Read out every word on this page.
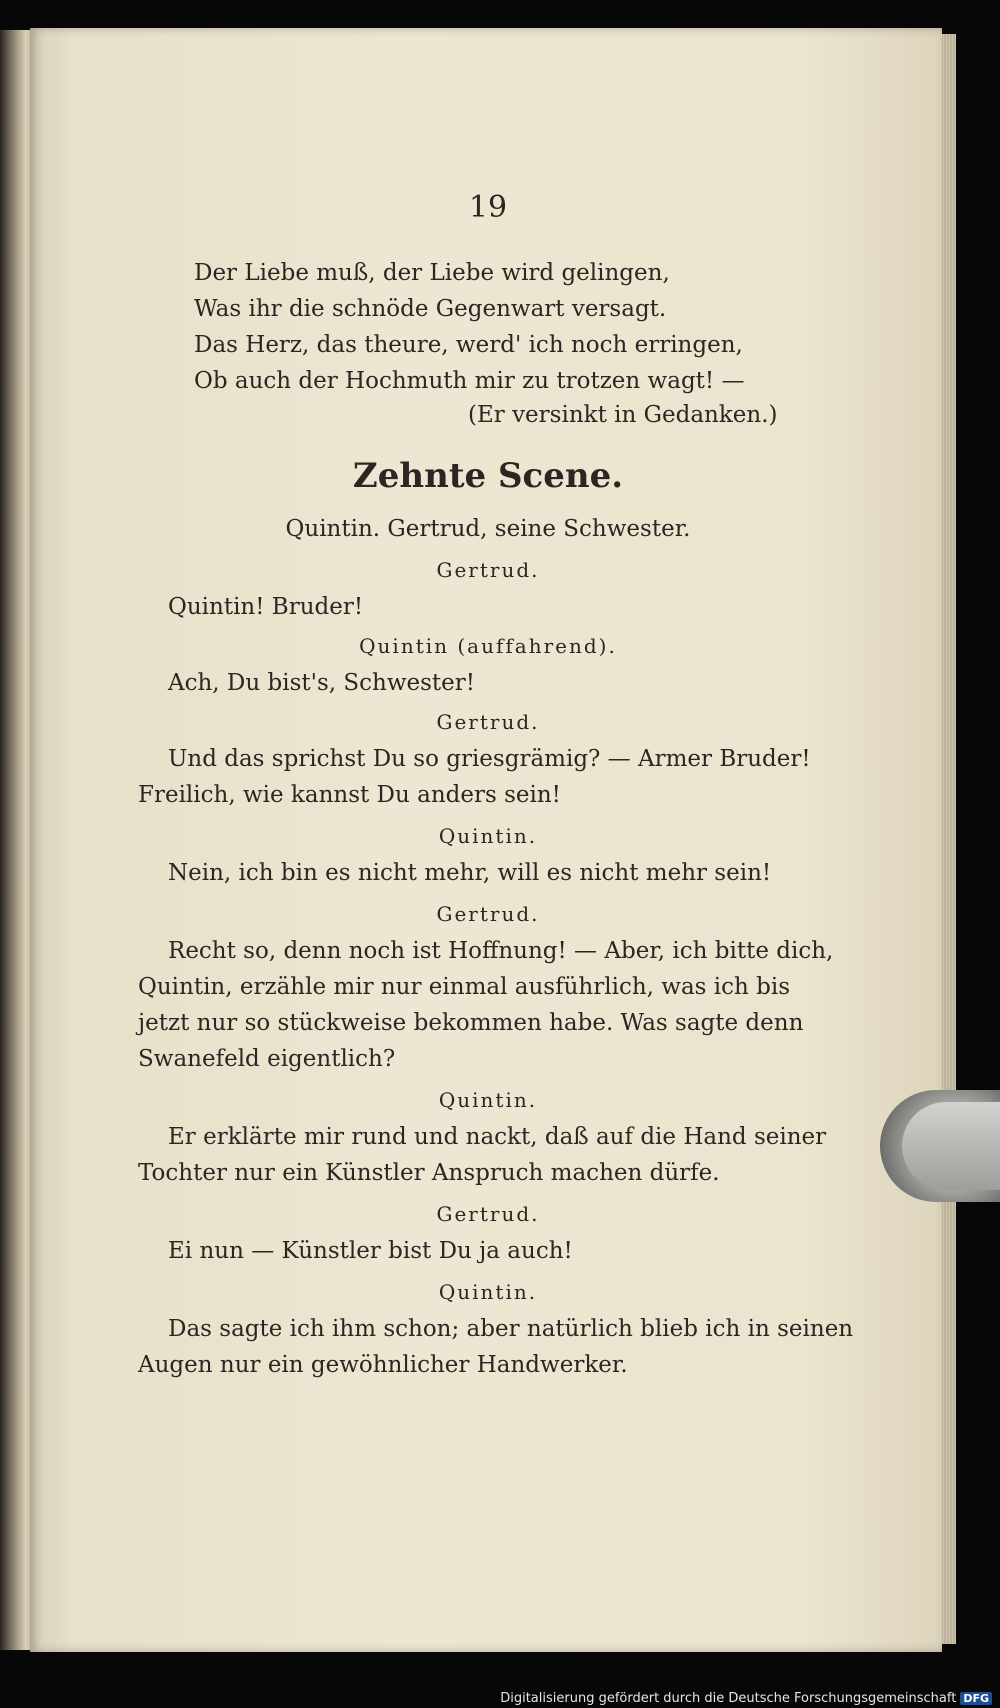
19
Der Liebe muß, der Liebe wird gelingen,
Was ihr die schnöde Gegenwart versagt.
Das Herz, das theure, werd' ich noch erringen,
Ob auch der Hochmuth mir zu trotzen wagt! —
(Er versinkt in Gedanken.)
Zehnte Scene.
Quintin. Gertrud, seine Schwester.
Gertrud.
Quintin! Bruder!
Quintin (auffahrend).
Ach, Du bist's, Schwester!
Gertrud.
Und das sprichst Du so griesgrämig? — Armer Bruder!
Freilich, wie kannst Du anders sein!
Quintin.
Nein, ich bin es nicht mehr, will es nicht mehr sein!
Gertrud.
Recht so, denn noch ist Hoffnung! — Aber, ich bitte dich,
Quintin, erzähle mir nur einmal ausführlich, was ich bis
jetzt nur so stückweise bekommen habe. Was sagte denn
Swanefeld eigentlich?
Quintin.
Er erklärte mir rund und nackt, daß auf die Hand seiner
Tochter nur ein Künstler Anspruch machen dürfe.
Gertrud.
Ei nun — Künstler bist Du ja auch!
Quintin.
Das sagte ich ihm schon; aber natürlich blieb ich in seinen
Augen nur ein gewöhnlicher Handwerker.
Digitalisierung gefördert durch die Deutsche Forschungsgemeinschaft DFG
